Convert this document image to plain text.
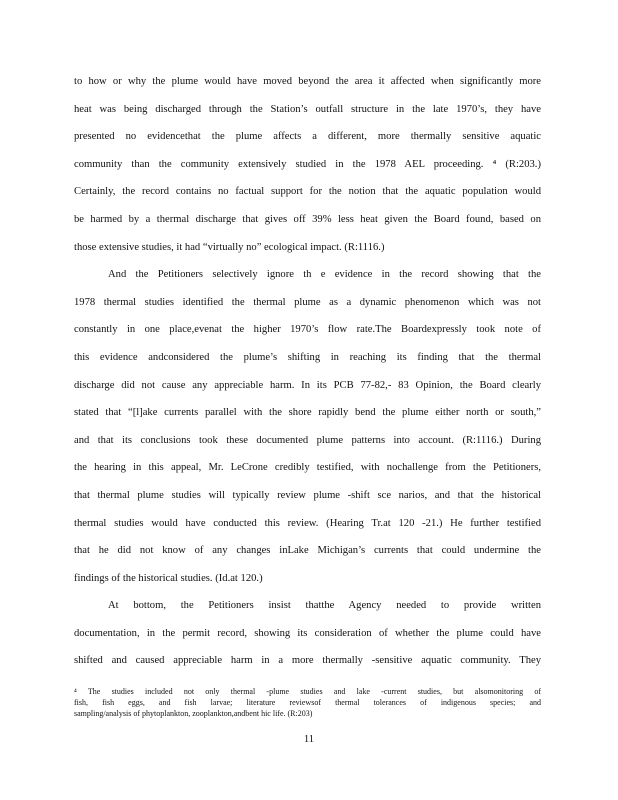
to how or why the plume would have moved beyond the area it affected when significantly more
heat was being discharged through the Station’s outfall structure in the late 1970’s, they have
presented no evidencethat the plume affects a different, more thermally sensitive aquatic
community than the community extensively studied in the 1978 AEL proceeding. ⁴ (R:203.)
Certainly, the record contains no factual support for the notion that the aquatic population would
be harmed by a thermal discharge that gives off 39% less heat given the Board found, based on
those extensive studies, it had “virtually no” ecological impact. (R:1116.)
And the Petitioners selectively ignore th e evidence in the record showing that the
1978 thermal studies identified the thermal plume as a dynamic phenomenon which was not
constantly in one place,evenat the higher 1970’s flow rate.The Boardexpressly took note of
this evidence andconsidered the plume’s shifting in reaching its finding that the thermal
discharge did not cause any appreciable harm. In its PCB 77-82,- 83 Opinion, the Board clearly
stated that “[l]ake currents parallel with the shore rapidly bend the plume either north or south,”
and that its conclusions took these documented plume patterns into account. (R:1116.) During
the hearing in this appeal, Mr. LeCrone credibly testified, with nochallenge from the Petitioners,
that thermal plume studies will typically review plume -shift sce narios, and that the historical
thermal studies would have conducted this review. (Hearing Tr.at 120 -21.) He further testified
that he did not know of any changes inLake Michigan’s currents that could undermine the
findings of the historical studies. (Id.at 120.)
At bottom, the Petitioners insist thatthe Agency needed to provide written
documentation, in the permit record, showing its consideration of whether the plume could have
shifted and caused appreciable harm in a more thermally -sensitive aquatic community. They
⁴ The studies included not only thermal -plume studies and lake -current studies, but alsomonitoring of
fish, fish eggs, and fish larvae; literature reviewsof thermal tolerances of indigenous species; and
sampling/analysis of phytoplankton, zooplankton,andbent hic life. (R:203)
11
